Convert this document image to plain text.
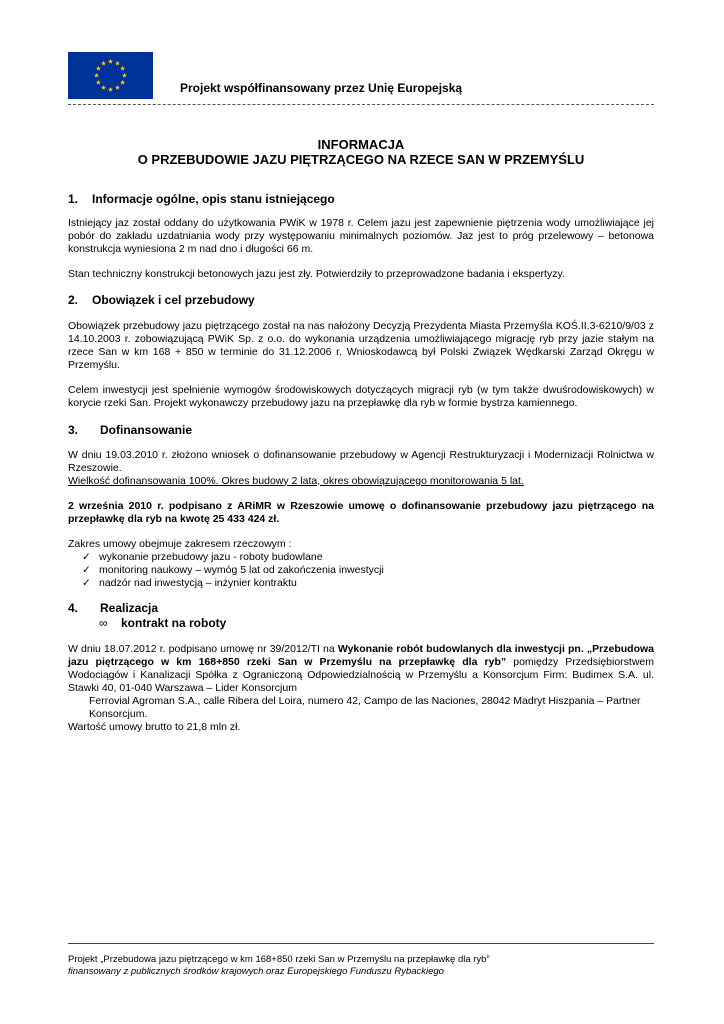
Projekt współfinansowany przez Unię Europejską
INFORMACJA
O PRZEBUDOWIE JAZU PIĘTRZĄCEGO NA RZECE SAN W PRZEMYŚLU
1. Informacje ogólne, opis stanu istniejącego
Istniejący jaz został oddany do użytkowania PWiK w 1978 r. Celem jazu jest zapewnienie piętrzenia wody umożliwiające jej pobór do zakładu uzdatniania wody przy występowaniu minimalnych poziomów. Jaz jest to próg przelewowy – betonowa konstrukcja wyniesiona 2 m nad dno i długości 66 m.
Stan techniczny konstrukcji betonowych jazu jest zły. Potwierdziły to przeprowadzone badania i ekspertyzy.
2. Obowiązek i cel przebudowy
Obowiązek przebudowy jazu piętrzącego został na nas nałożony Decyzją Prezydenta Miasta Przemyśla KOŚ.II.3-6210/9/03 z 14.10.2003 r. zobowiązującą PWiK Sp. z o.o. do wykonania urządzenia umożliwiającego migrację ryb przy jazie stałym na rzece San w km 168 + 850 w terminie do 31.12.2006 r. Wnioskodawcą był Polski Związek Wędkarski Zarząd Okręgu w Przemyślu.
Celem inwestycji jest spełnienie wymogów środowiskowych dotyczących migracji ryb (w tym także dwuśrodowiskowych) w korycie rzeki San. Projekt wykonawczy przebudowy jazu na przepławkę dla ryb w formie bystrza kamiennego.
3. Dofinansowanie
W dniu 19.03.2010 r. złożono wniosek o dofinansowanie przebudowy w Agencji Restrukturyzacji i Modernizacji Rolnictwa w Rzeszowie.
Wielkość dofinansowania 100%. Okres budowy 2 lata, okres obowiązującego monitorowania 5 lat.
2 września 2010 r. podpisano z ARiMR w Rzeszowie umowę o dofinansowanie przebudowy jazu piętrzącego na przepławkę dla ryb na kwotę 25 433 424 zł.
Zakres umowy obejmuje zakresem rzeczowym :
✓ wykonanie przebudowy jazu - roboty budowlane
✓ monitoring naukowy – wymóg 5 lat od zakończenia inwestycji
✓ nadzór nad inwestycją – inżynier kontraktu
4. Realizacja
∞ kontrakt na roboty
W dniu 18.07.2012 r. podpisano umowę nr 39/2012/TI na Wykonanie robót budowlanych dla inwestycji pn. „Przebudowa jazu piętrzącego w km 168+850 rzeki San w Przemyślu na przepławkę dla ryb” pomiędzy Przedsiębiorstwem Wodociągów i Kanalizacji Spółka z Ograniczoną Odpowiedzialnością w Przemyślu a Konsorcjum Firm: Budimex S.A. ul. Stawki 40, 01-040 Warszawa – Lider Konsorcjum
Ferrovial Agroman S.A., calle Ribera del Loira, numero 42, Campo de las Naciones, 28042 Madryt Hiszpania – Partner Konsorcjum.
Wartość umowy brutto to 21,8 mln zł.
Projekt „Przebudowa jazu piętrzącego w km 168+850 rzeki San w Przemyślu na przepławkę dla ryb”
finansowany z publicznych środków krajowych oraz Europejskiego Funduszu Rybackiego
